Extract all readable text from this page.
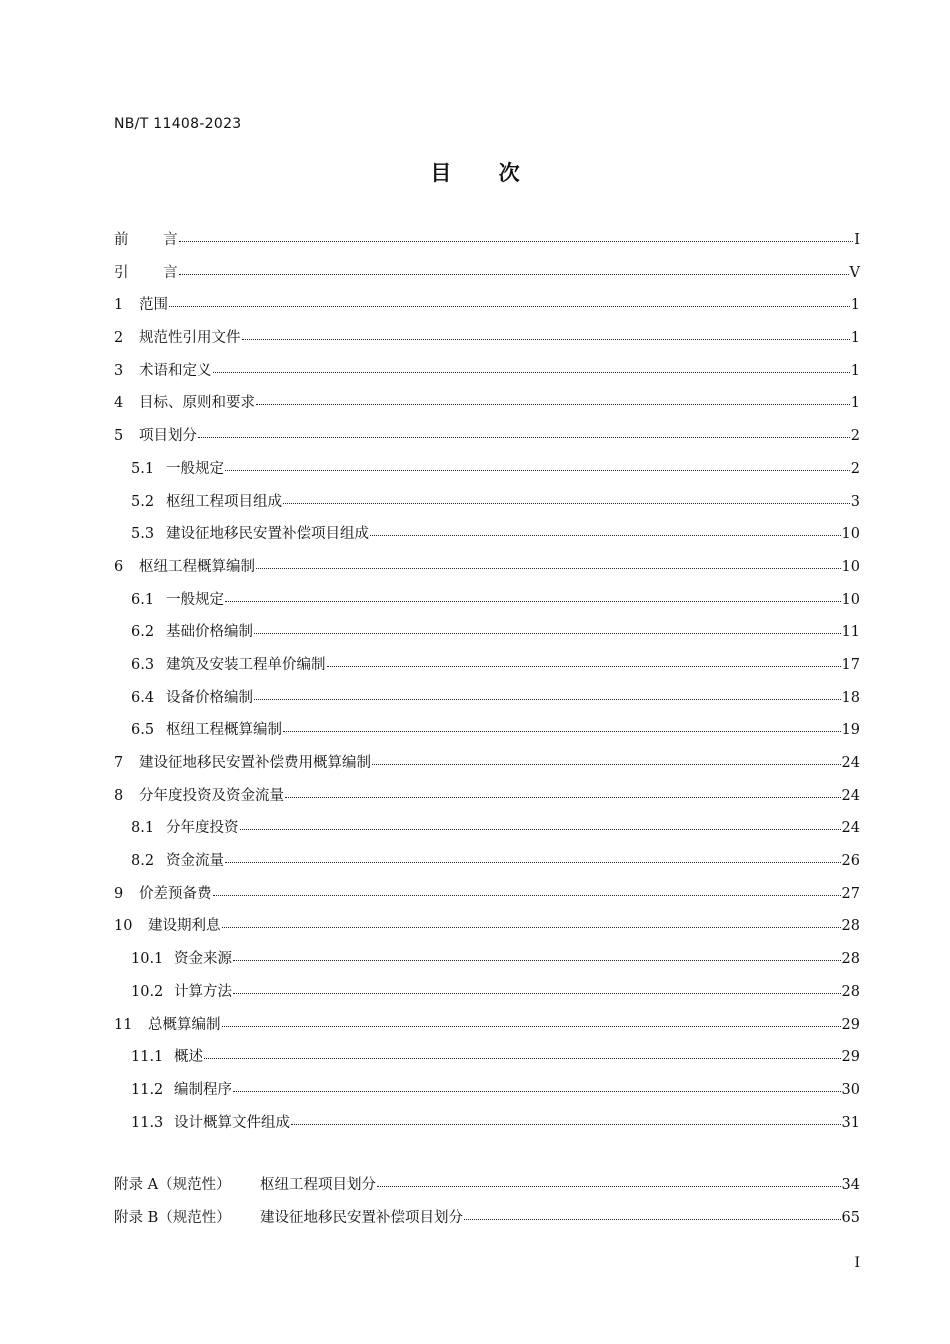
NB/T 11408-2023
目 次
前 言	I
引 言	V
1	范围	1
2	规范性引用文件	1
3	术语和定义	1
4	目标、原则和要求	1
5	项目划分	2
5.1 一般规定	2
5.2 枢纽工程项目组成	3
5.3 建设征地移民安置补偿项目组成	10
6	枢纽工程概算编制	10
6.1 一般规定	10
6.2 基础价格编制	11
6.3 建筑及安装工程单价编制	17
6.4 设备价格编制	18
6.5 枢纽工程概算编制	19
7	建设征地移民安置补偿费用概算编制	24
8	分年度投资及资金流量	24
8.1 分年度投资	24
8.2 资金流量	26
9	价差预备费	27
10	建设期利息	28
10.1 资金来源	28
10.2 计算方法	28
11	总概算编制	29
11.1 概述	29
11.2 编制程序	30
11.3 设计概算文件组成	31
附录 A（规范性）	枢纽工程项目划分	34
附录 B（规范性）	建设征地移民安置补偿项目划分	65
I
